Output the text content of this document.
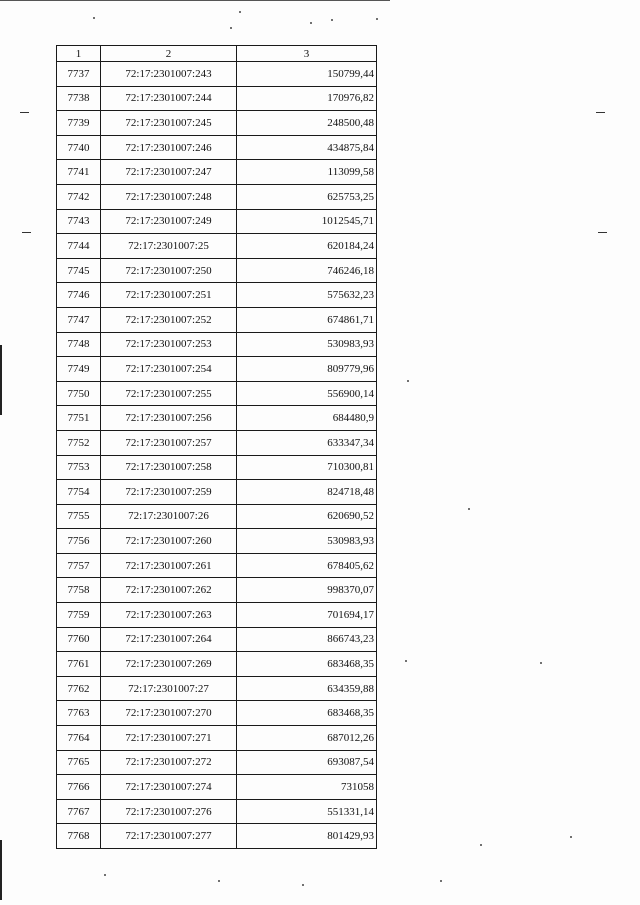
1	2	3
7737	72:17:2301007:243	150799,44
7738	72:17:2301007:244	170976,82
7739	72:17:2301007:245	248500,48
7740	72:17:2301007:246	434875,84
7741	72:17:2301007:247	113099,58
7742	72:17:2301007:248	625753,25
7743	72:17:2301007:249	1012545,71
7744	72:17:2301007:25	620184,24
7745	72:17:2301007:250	746246,18
7746	72:17:2301007:251	575632,23
7747	72:17:2301007:252	674861,71
7748	72:17:2301007:253	530983,93
7749	72:17:2301007:254	809779,96
7750	72:17:2301007:255	556900,14
7751	72:17:2301007:256	684480,9
7752	72:17:2301007:257	633347,34
7753	72:17:2301007:258	710300,81
7754	72:17:2301007:259	824718,48
7755	72:17:2301007:26	620690,52
7756	72:17:2301007:260	530983,93
7757	72:17:2301007:261	678405,62
7758	72:17:2301007:262	998370,07
7759	72:17:2301007:263	701694,17
7760	72:17:2301007:264	866743,23
7761	72:17:2301007:269	683468,35
7762	72:17:2301007:27	634359,88
7763	72:17:2301007:270	683468,35
7764	72:17:2301007:271	687012,26
7765	72:17:2301007:272	693087,54
7766	72:17:2301007:274	731058
7767	72:17:2301007:276	551331,14
7768	72:17:2301007:277	801429,93
